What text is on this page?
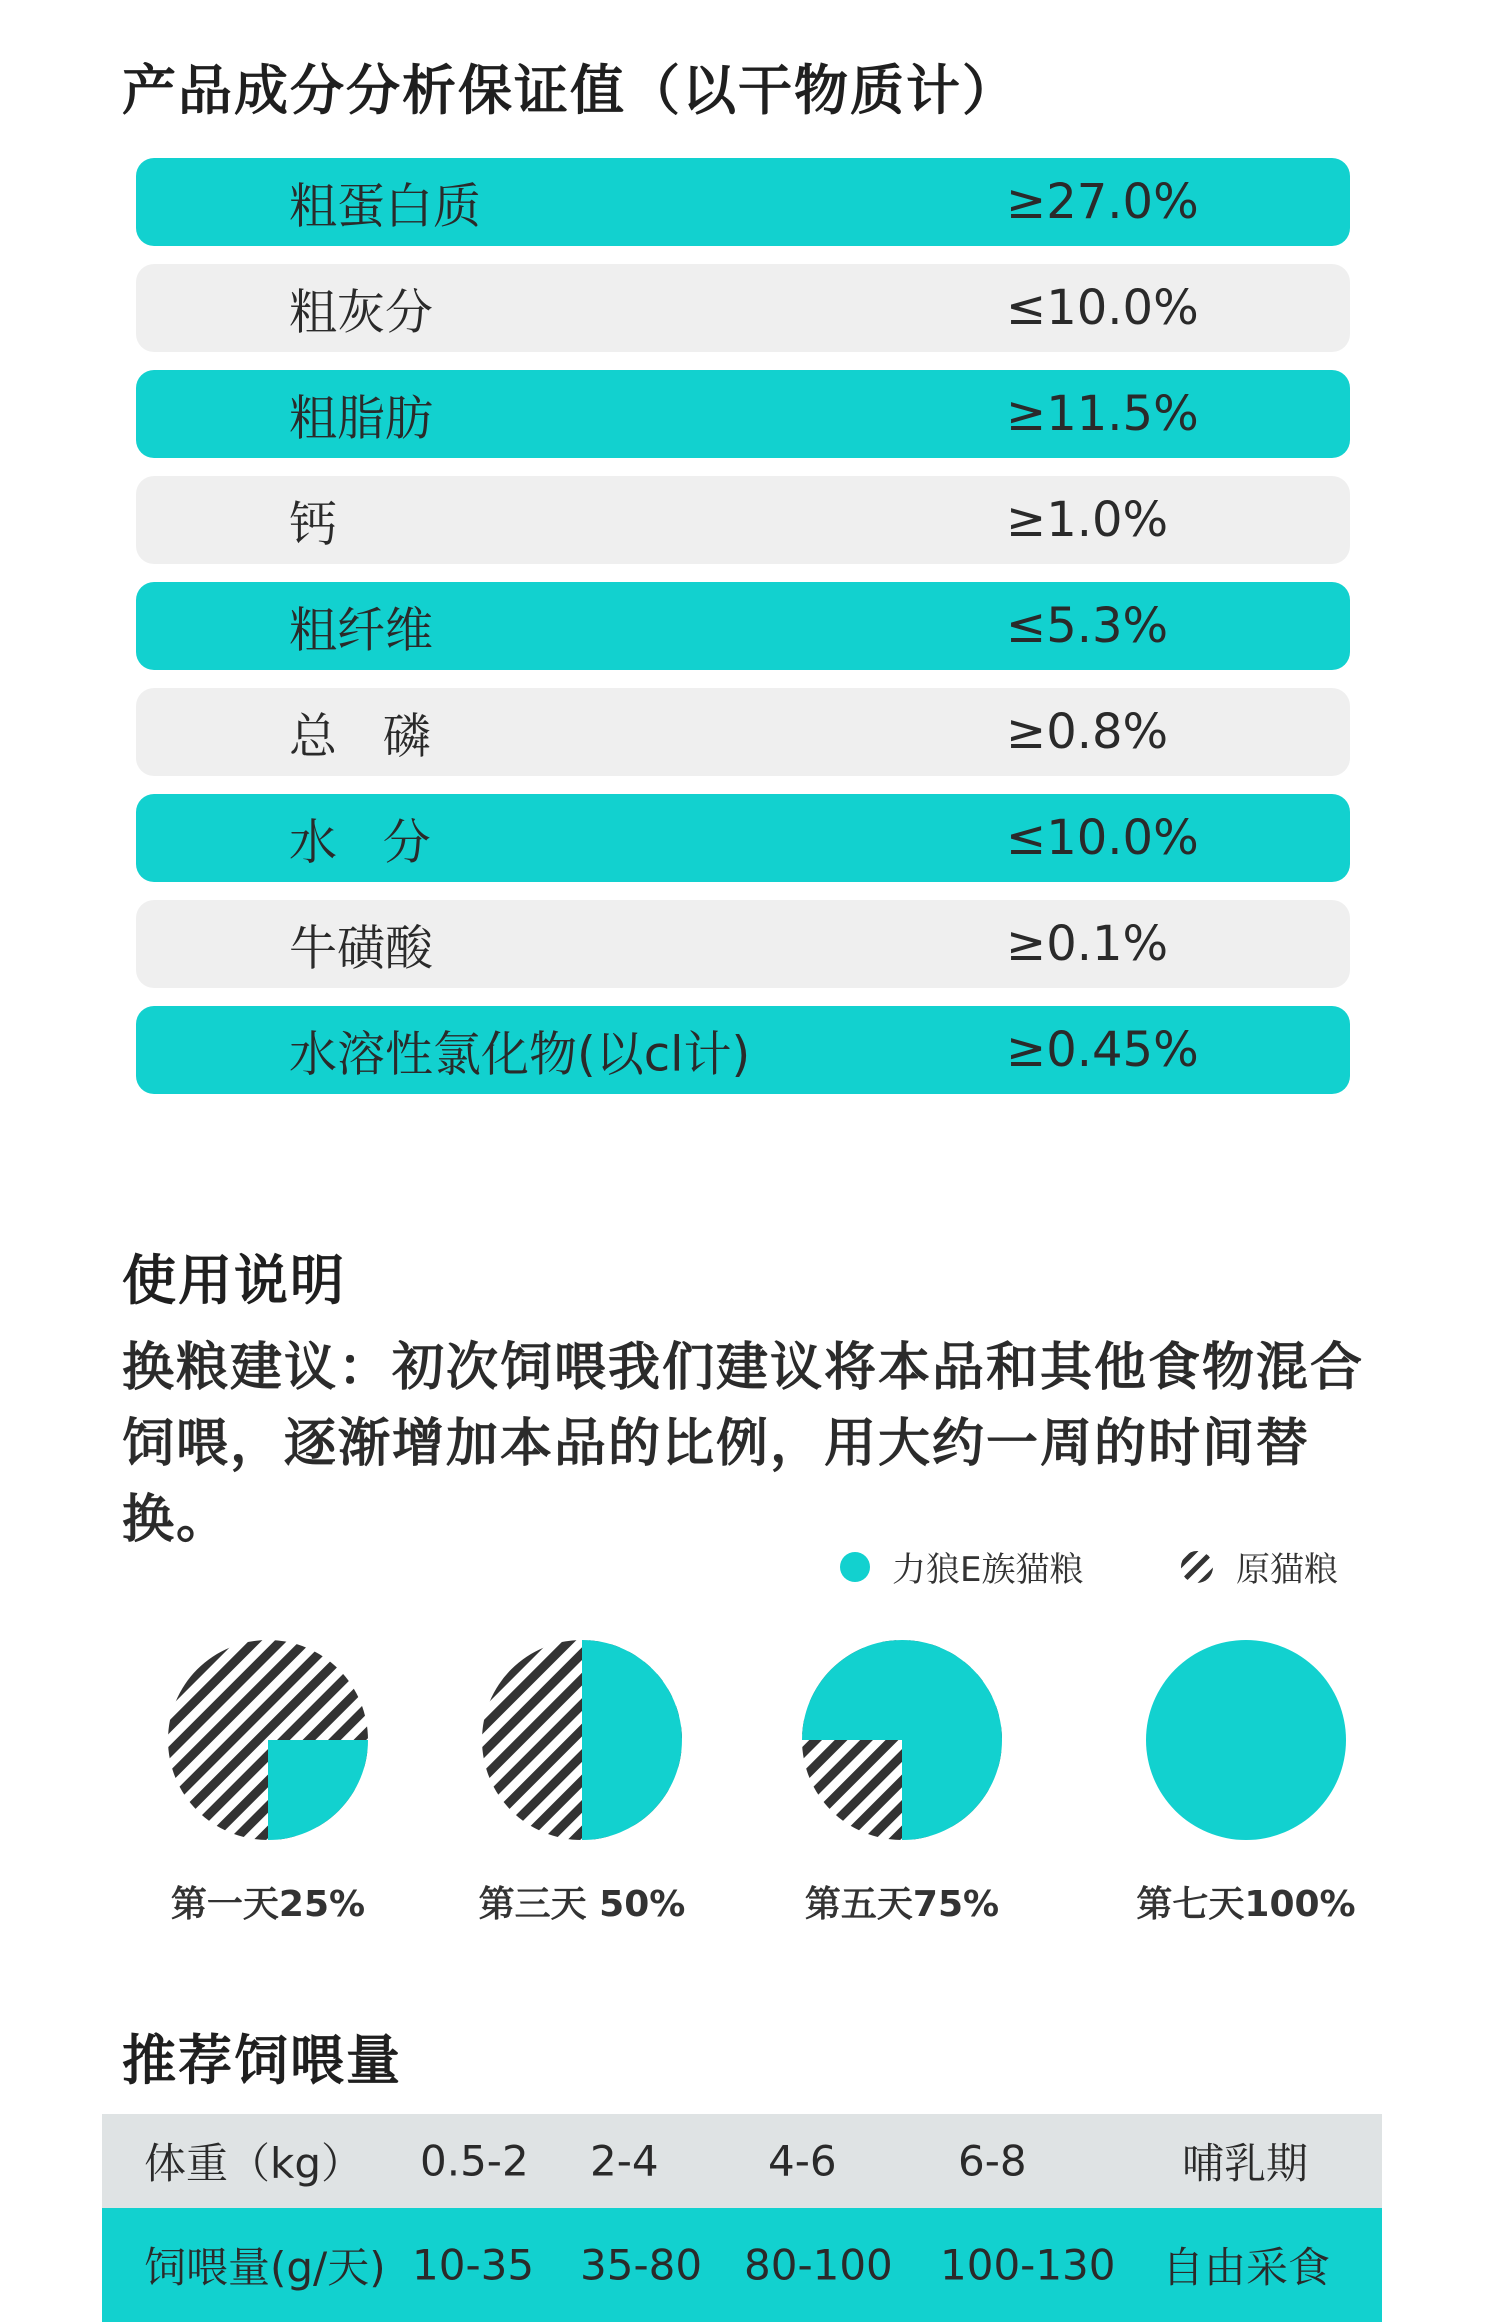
产品成分分析保证值（以干物质计）
粗蛋白质	≥27.0%
粗灰分	≤10.0%
粗脂肪	≥11.5%
钙	≥1.0%
粗纤维	≤5.3%
总   磷	≥0.8%
水   分	≤10.0%
牛磺酸	≥0.1%
水溶性氯化物(以cl计)	≥0.45%
使用说明
换粮建议：初次饲喂我们建议将本品和其他食物混合饲喂，逐渐增加本品的比例，用大约一周的时间替换。
力狼E族猫粮	原猫粮
第一天25%	第三天 50%	第五天75%	第七天100%
推荐饲喂量
体重（kg） 0.5-2 2-4	4-6	6-8	哺乳期
饲喂量(g/天) 10-35 35-80 80-100 100-130 自由采食
